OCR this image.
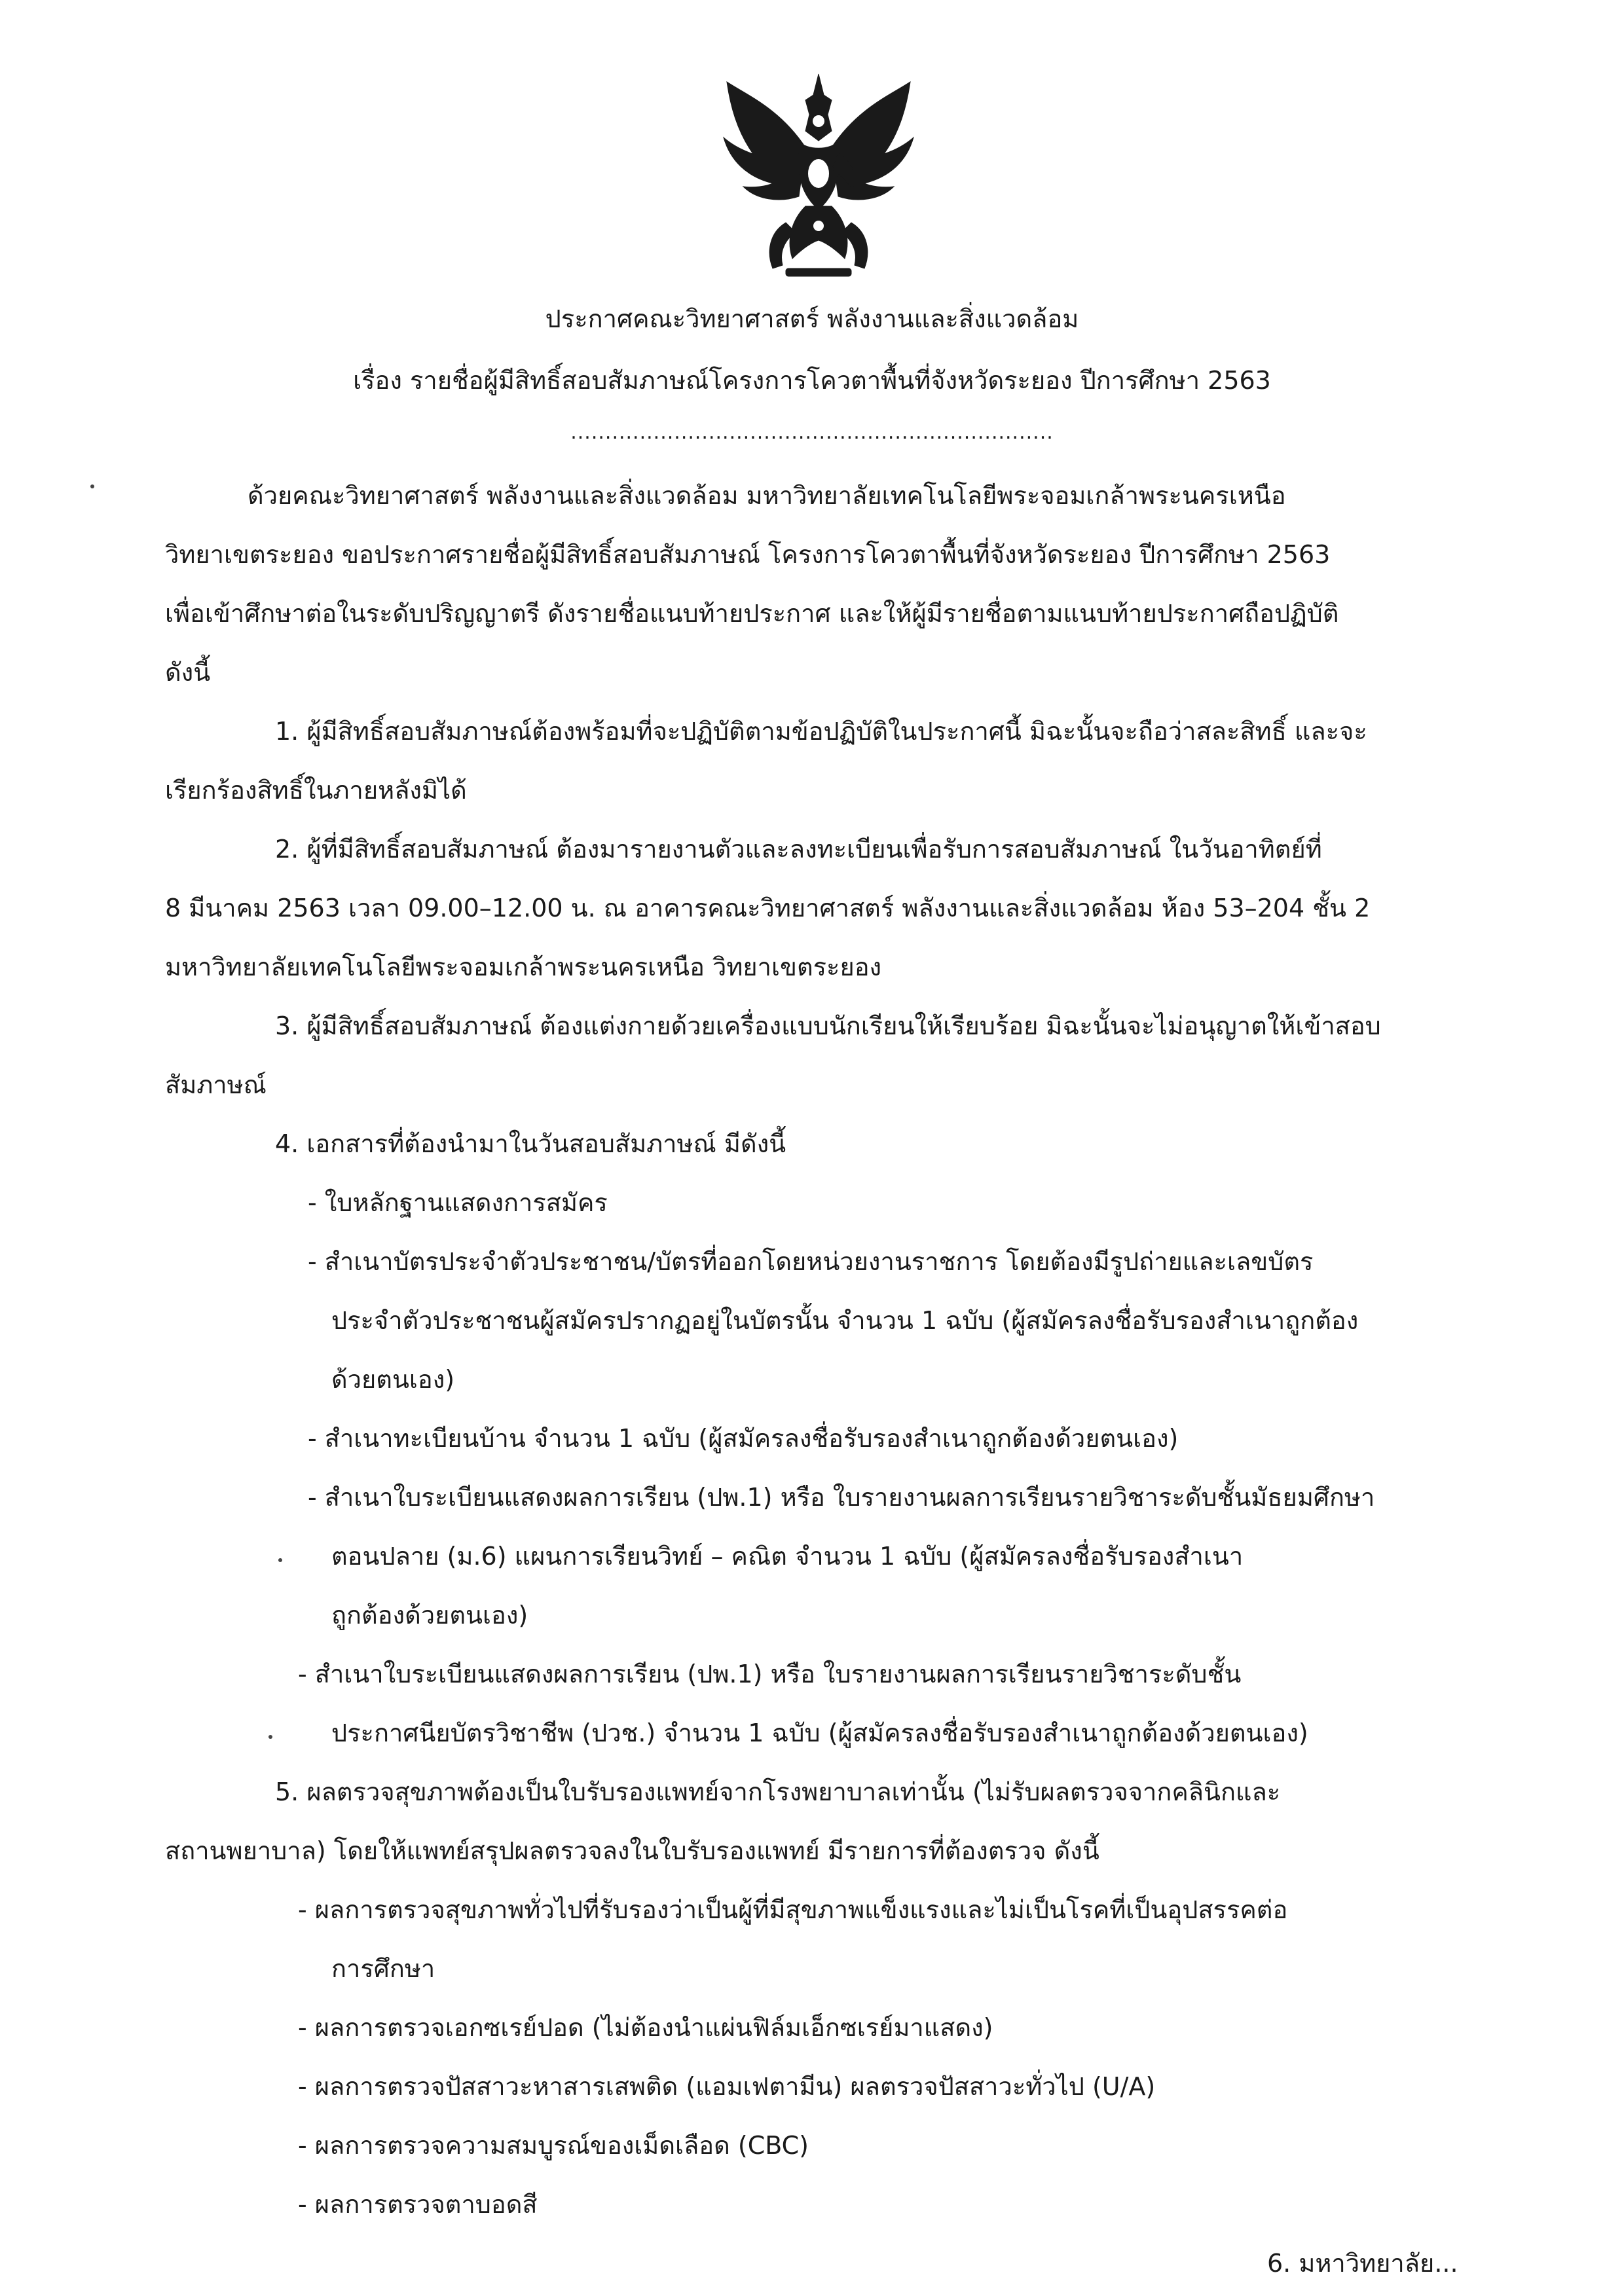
ประกาศคณะวิทยาศาสตร์ พลังงานและสิ่งแวดล้อม
เรื่อง รายชื่อผู้มีสิทธิ์สอบสัมภาษณ์โครงการโควตาพื้นที่จังหวัดระยอง ปีการศึกษา 2563
......................................................................
ด้วยคณะวิทยาศาสตร์ พลังงานและสิ่งแวดล้อม มหาวิทยาลัยเทคโนโลยีพระจอมเกล้าพระนครเหนือ
วิทยาเขตระยอง ขอประกาศรายชื่อผู้มีสิทธิ์สอบสัมภาษณ์ โครงการโควตาพื้นที่จังหวัดระยอง ปีการศึกษา 2563
เพื่อเข้าศึกษาต่อในระดับปริญญาตรี ดังรายชื่อแนบท้ายประกาศ และให้ผู้มีรายชื่อตามแนบท้ายประกาศถือปฏิบัติ
ดังนี้
1. ผู้มีสิทธิ์สอบสัมภาษณ์ต้องพร้อมที่จะปฏิบัติตามข้อปฏิบัติในประกาศนี้ มิฉะนั้นจะถือว่าสละสิทธิ์ และจะ
เรียกร้องสิทธิ์ในภายหลังมิได้
2. ผู้ที่มีสิทธิ์สอบสัมภาษณ์ ต้องมารายงานตัวและลงทะเบียนเพื่อรับการสอบสัมภาษณ์ ในวันอาทิตย์ที่
8 มีนาคม 2563 เวลา 09.00–12.00 น. ณ อาคารคณะวิทยาศาสตร์ พลังงานและสิ่งแวดล้อม ห้อง 53–204 ชั้น 2
มหาวิทยาลัยเทคโนโลยีพระจอมเกล้าพระนครเหนือ วิทยาเขตระยอง
3. ผู้มีสิทธิ์สอบสัมภาษณ์ ต้องแต่งกายด้วยเครื่องแบบนักเรียนให้เรียบร้อย มิฉะนั้นจะไม่อนุญาตให้เข้าสอบ
สัมภาษณ์
4. เอกสารที่ต้องนำมาในวันสอบสัมภาษณ์ มีดังนี้
- ใบหลักฐานแสดงการสมัคร
- สำเนาบัตรประจำตัวประชาชน/บัตรที่ออกโดยหน่วยงานราชการ โดยต้องมีรูปถ่ายและเลขบัตร
ประจำตัวประชาชนผู้สมัครปรากฏอยู่ในบัตรนั้น จำนวน 1 ฉบับ (ผู้สมัครลงชื่อรับรองสำเนาถูกต้อง
ด้วยตนเอง)
- สำเนาทะเบียนบ้าน จำนวน 1 ฉบับ (ผู้สมัครลงชื่อรับรองสำเนาถูกต้องด้วยตนเอง)
- สำเนาใบระเบียนแสดงผลการเรียน (ปพ.1) หรือ ใบรายงานผลการเรียนรายวิชาระดับชั้นมัธยมศึกษา
ตอนปลาย (ม.6) แผนการเรียนวิทย์ – คณิต จำนวน 1 ฉบับ (ผู้สมัครลงชื่อรับรองสำเนา
ถูกต้องด้วยตนเอง)
- สำเนาใบระเบียนแสดงผลการเรียน (ปพ.1) หรือ ใบรายงานผลการเรียนรายวิชาระดับชั้น
ประกาศนียบัตรวิชาชีพ (ปวช.) จำนวน 1 ฉบับ (ผู้สมัครลงชื่อรับรองสำเนาถูกต้องด้วยตนเอง)
5. ผลตรวจสุขภาพต้องเป็นใบรับรองแพทย์จากโรงพยาบาลเท่านั้น (ไม่รับผลตรวจจากคลินิกและ
สถานพยาบาล) โดยให้แพทย์สรุปผลตรวจลงในใบรับรองแพทย์ มีรายการที่ต้องตรวจ ดังนี้
- ผลการตรวจสุขภาพทั่วไปที่รับรองว่าเป็นผู้ที่มีสุขภาพแข็งแรงและไม่เป็นโรคที่เป็นอุปสรรคต่อ
การศึกษา
- ผลการตรวจเอกซเรย์ปอด (ไม่ต้องนำแผ่นฟิล์มเอ็กซเรย์มาแสดง)
- ผลการตรวจปัสสาวะหาสารเสพติด (แอมเฟตามีน) ผลตรวจปัสสาวะทั่วไป (U/A)
- ผลการตรวจความสมบูรณ์ของเม็ดเลือด (CBC)
- ผลการตรวจตาบอดสี
6. มหาวิทยาลัย...
